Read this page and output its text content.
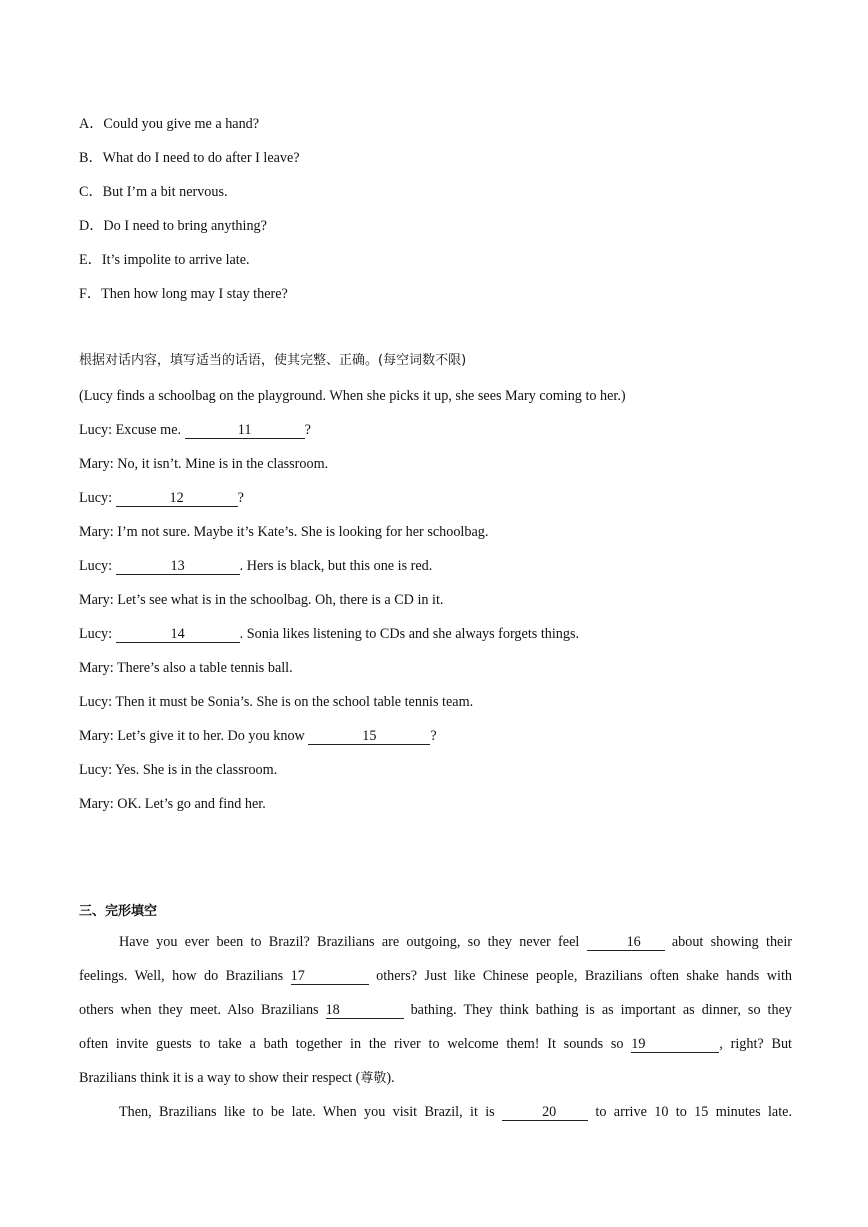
A．Could you give me a hand?
B．What do I need to do after I leave?
C．But I’m a bit nervous.
D．Do I need to bring anything?
E．It’s impolite to arrive late.
F．Then how long may I stay there?
根据对话内容，填写适当的话语，使其完整、正确。(每空词数不限)
(Lucy finds a schoolbag on the playground. When she picks it up, she sees Mary coming to her.)
Lucy: Excuse me.	11	?
Mary: No, it isn’t. Mine is in the classroom.
Lucy:	12	?
Mary: I’m not sure. Maybe it’s Kate’s. She is looking for her schoolbag.
Lucy:	13	. Hers is black, but this one is red.
Mary: Let’s see what is in the schoolbag. Oh, there is a CD in it.
Lucy:	14	. Sonia likes listening to CDs and she always forgets things.
Mary: There’s also a table tennis ball.
Lucy: Then it must be Sonia’s. She is on the school table tennis team.
Mary: Let’s give it to her. Do you know	15	?
Lucy: Yes. She is in the classroom.
Mary: OK. Let’s go and find her.
三、完形填空
Have you ever been to Brazil? Brazilians are outgoing, so they never feel	16 about showing their
feelings. Well, how do Brazilians 17	others? Just like Chinese people, Brazilians often shake hands with
others when they meet. Also Brazilians 18	bathing. They think bathing is as important as dinner, so they
often invite guests to take a bath together in the river to welcome them! It sounds so 19	, right? But
Brazilians think it is a way to show their respect (尊敬).
Then, Brazilians like to be late. When you visit Brazil, it is	20 to arrive 10 to 15 minutes late.
